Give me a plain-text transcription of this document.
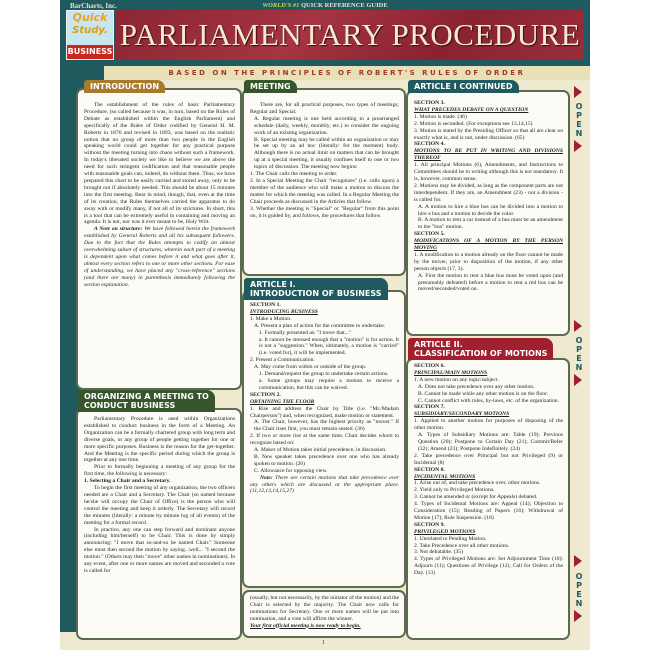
BarCharts, Inc.	WORLD'S #1 QUICK REFERENCE GUIDE
Quick
Study.
BUSINESS PARLIAMENTARY PROCEDURE
BASED ON THE PRINCIPLES OF ROBERT'S RULES OF ORDER
INTRODUCTION

The establishment of the rules of basic Parliamentary Procedure, (so called because it was, in turn, based on the Rules of Debate as established within the English Parliament) and specifically of the Rules of Order codified by General H. M. Roberts in 1876 and revised in 1893, was based on the realistic notion that no group of more than two people in the English speaking world could get together for any practical purpose without the meeting turning into chaos without such a framework. In today's liberated society we like to believe we are above the need for such stringent codification and that reasonable people with reasonable goals can, indeed, do without them. Thus, we have prepared this chart to be easily carried and stored away, only to be brought out if absolutely needed. This should be about 15 minutes into the first meeting. Bear in mind, though, that, even at the time of its creation, the Rules themselves carried the apparatus to do away with or modify many, if not all of its strictures. In short, this is a tool that can be extremely useful in containing and moving an agenda. It is not, nor was it ever meant to be, Holy Writ.

A Note on structure: We have followed herein the framework established by General Roberts and all his subsequent followers. Due to the fact that the Rules attempts to codify an almost overwhelming subset of structures, wherein each part of a meeting is dependent upon what comes before it and what goes after it, almost every section refers to one or more other sections. For ease of understanding, we have placed any "cross-reference" sections (and there are many) in parenthesis immediately following the section explanation.

ORGANIZING A MEETING TO
CONDUCT BUSINESS

Parliamentary Procedure is used within Organizations established to conduct business in the form of a Meeting. An Organization can be a formally chartered group with long term and diverse goals, or any group of people getting together for one or more specific purposes. Business is the reason for the get-together. And the Meeting is the specific period during which the group is together at any one time.

Prior to formally beginning a meeting of any group for the first time, the following is necessary:

1. Selecting a Chair and a Secretary.

To begin the first meeting of any organization, the two officers needed are a Chair and a Secretary. The Chair (so named because he/she will occupy the Chair of Office) is the person who will control the meeting and keep it orderly. The Secretary will record the minutes (literally: a minute by minute log of all events) of the meeting for a formal record.

In practice, any one can step forward and nominate anyone (including him/herself) to be Chair. This is done by simply announcing: "I move that so-and-so be named Chair." Someone else must then second the motion by saying...well... "I second the motion." (Others may then "move" other names in nominations). In any event, after one or more names are moved and seconded a vote is called for

MEETING

There are, for all practical purposes, two types of meetings; Regular and Special.

A. Regular meeting is one held according to a prearranged schedule (daily, weekly, monthly, etc.) to consider the ongoing work of an existing organization.

B. Special meeting may be called within an organization or may be set up by an ad hoc (literally: for the moment) body. Although there is no actual limit on matters that can be brought up at a special meeting, it usually confines itself to one or two topics of discussion. The meeting now begins:

1. The Chair calls the meeting to order.

2. In a Special Meeting the Chair "recognizes" (i.e. calls upon) a member of the audience who will make a motion to discuss the matter for which the meeting was called. In a Regular Meeting the Chair proceeds as discussed in the Articles that follow.

3. Whether the meeting is "Special" or "Regular" from this point on, it is guided by, and follows, the procedures that follow.

ARTICLE I.
INTRODUCTION OF BUSINESS

SECTION 1.

INTRODUCING BUSINESS

1. Make a Motion.

A. Present a plan of action for the committee to undertake.

1. Formally presented as: "I move that..."

a. It cannot be stressed enough that a "motion" is for action. It is not a "suggestion." When, ultimately, a motion is "carried" (i.e. voted for), it will be implemented.

2. Present a Communication.

A. May come from within or outside of the group.

1. Demand/request the group to undertake certain actions.

a. Some groups may require a motion to receive a communication, but this can be waived.

SECTION 2.

OBTAINING THE FLOOR

1. Rise and address the Chair by Title (i.e. "Mr./Madam Chairperson") and, when recognized, make motion or statement.

A. The Chair, however, has the highest priority as "mover." If the Chair rises first, you must remain seated. (36)

2. If two or more rise at the same time, Chair decides whom to recognize based on:

A. Maker of Motion takes initial precedence, in discussion.

B. New speaker takes precedence over one who has already spoken to motion. (26)

C. Allowance for opposing view.

Note: There are certain motions that take precedence over any others which are discussed at the appropriate place. (11,12,13,14,15,27)

(usually, but not necessarily, by the initiator of the motion) and the Chair is selected by the majority. The Chair now calls for nominations for Secretary. One or more names will be put into nomination, and a vote will affirm the winner.

Your first official meeting is now ready to begin.

1
ARTICLE I CONTINUED

SECTION 3.

WHAT PRECEDES DEBATE ON A QUESTION

1. Motion is made. (46)

2. Motion is seconded. (For exceptions see 13,14,15)

3. Motion is stated by the Presiding Officer so that all are clear on exactly what is, and is not, under discussion. (65)

SECTION 4.

MOTIONS TO BE PUT IN WRITING AND DIVISIONS THEREOF

1. All principal Motions (6), Amendments, and Instructions to Committees should be in writing although this is not mandatory. It is, however, common sense.

2. Motions may be divided, as long as the component parts are not interdependent. If they are, an Amendment (23) - not a division - is called for.

A. A motion to hire a blue bus can be divided into a motion to hire a bus and a motion to decide the color.

B. A motion to rent a car instead of a bus must be an amendment to the "bus" motion.

SECTION 5.

MODIFICATIONS OF A MOTION BY THE PERSON MOVING

1. A modification to a motion already on the floor cannot be made by the mover, prior to disposition of the motion, if any other person objects (17, 3).

A. First the motion to rent a blue bus must be voted upon (and presumably defeated) before a motion to rent a red bus can be moved/seconded/voted on.

ARTICLE II.
CLASSIFICATION OF MOTIONS

SECTION 6.

PRINCIPAL/MAIN MOTIONS

1. A new motion on any topic/subject.

A. Does not take precedence over any other motion.

B. Cannot be made while any other motion is on the floor.

C. Cannot conflict with rules, by-laws, etc. of the organization.

SECTION 7.

SUBSIDIARY/SECONDARY MOTIONS

1. Applied to another motion for purposes of disposing of the other motion.

A. Types of Subsidiary Motions are: Table (19); Previous Question (20); Postpone to Certain Day (21); Commit/Refer (22); Amend (23); Postpone Indefinitely. (24)

2. Take precedence over Principal but not Privileged (9) or Incidental (8)

SECTION 8.

INCIDENTAL MOTIONS

1. Arise out of, and take precedence over, other motions.

2. Yield only to Privileged Motions.

3. Cannot be amended or (except for Appeals) debated.

4. Types of Incidental Motions are: Appeal (14); Objection to Consideration (15); Reading of Papers (16); Withdrawal of Motion (17); Rule Suspension. (18)

SECTION 9.

PRIVILEGED MOTIONS

1. Unrelated to Pending Motion.

2. Take Precedence over all other motions.

3. Not debatable. (35)

4. Types of Privileged Motions are: Set Adjournment Time (10); Adjourn (11); Questions of Privilege (12); Call for Orders of the Day. (13)

O
P
E
N
O
P
E
N
O
P
E
N
